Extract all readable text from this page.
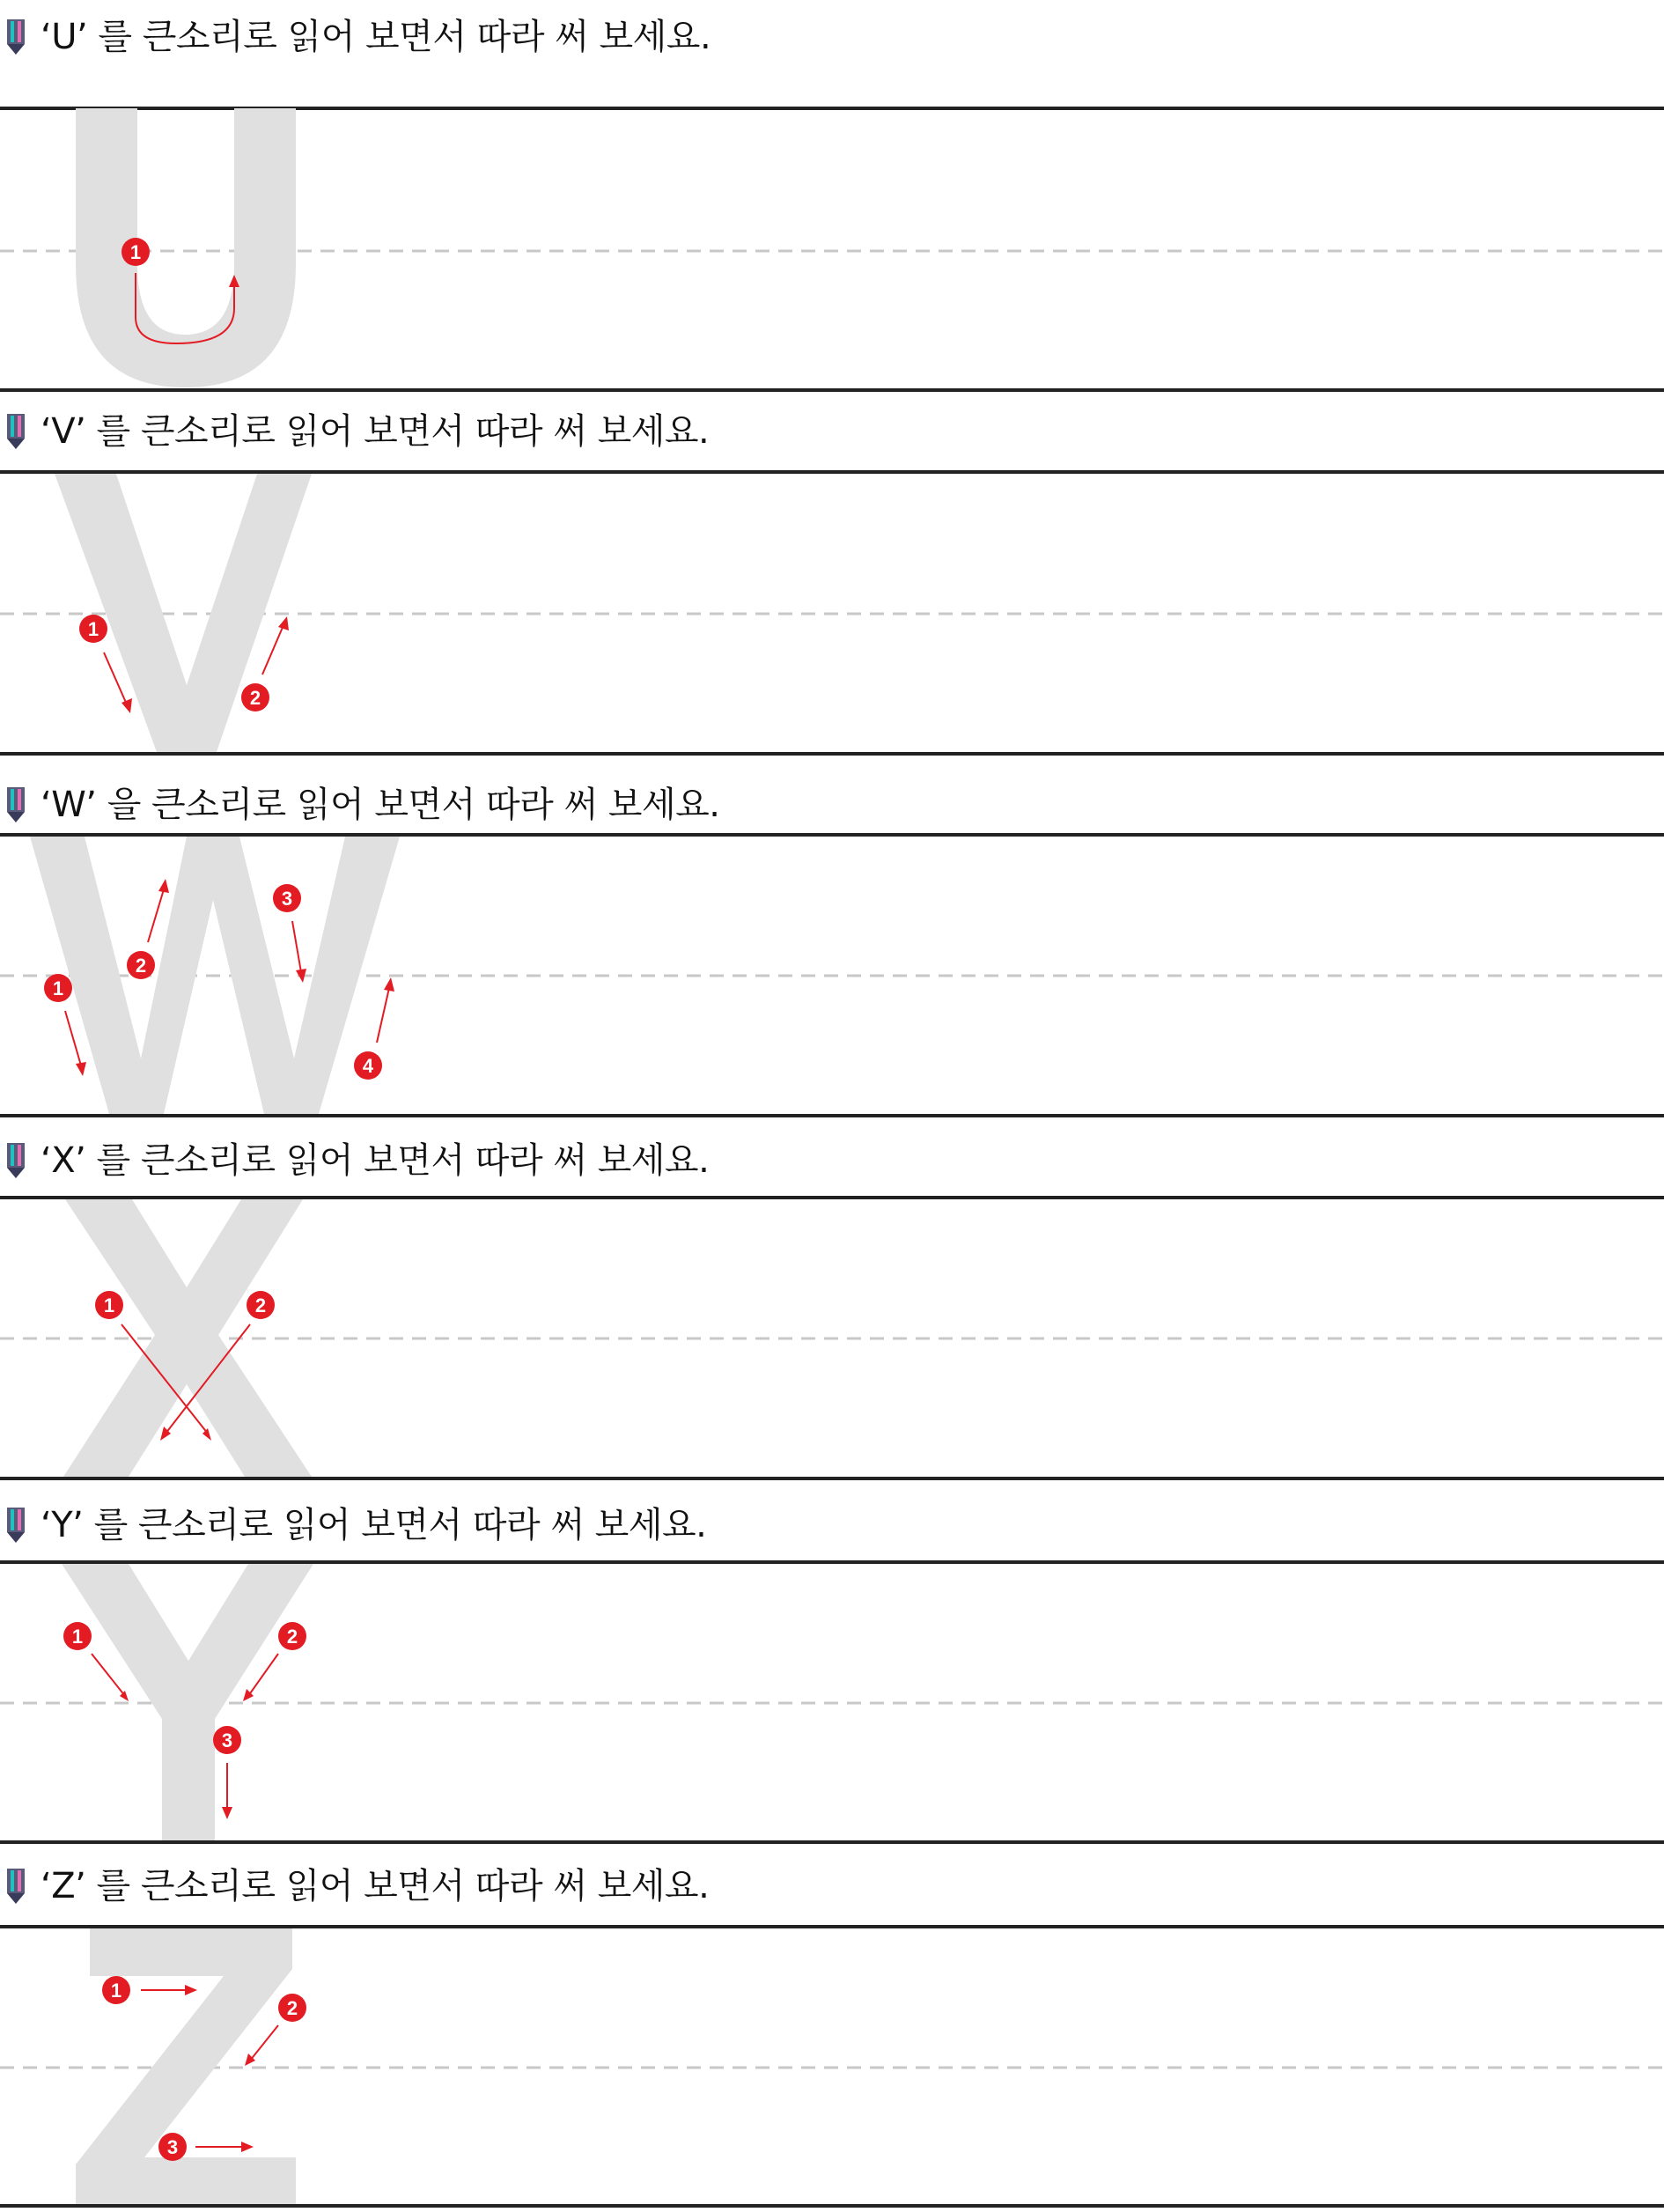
‘U’ 를 큰소리로 읽어 보면서 따라 써 보세요.
1
‘V’ 를 큰소리로 읽어 보면서 따라 써 보세요.
1
2
‘W’ 을 큰소리로 읽어 보면서 따라 써 보세요.
1
2
3
4
‘X’ 를 큰소리로 읽어 보면서 따라 써 보세요.
1	2
‘Y’ 를 큰소리로 읽어 보면서 따라 써 보세요.
1	2
3
‘Z’ 를 큰소리로 읽어 보면서 따라 써 보세요.
1
2
3
